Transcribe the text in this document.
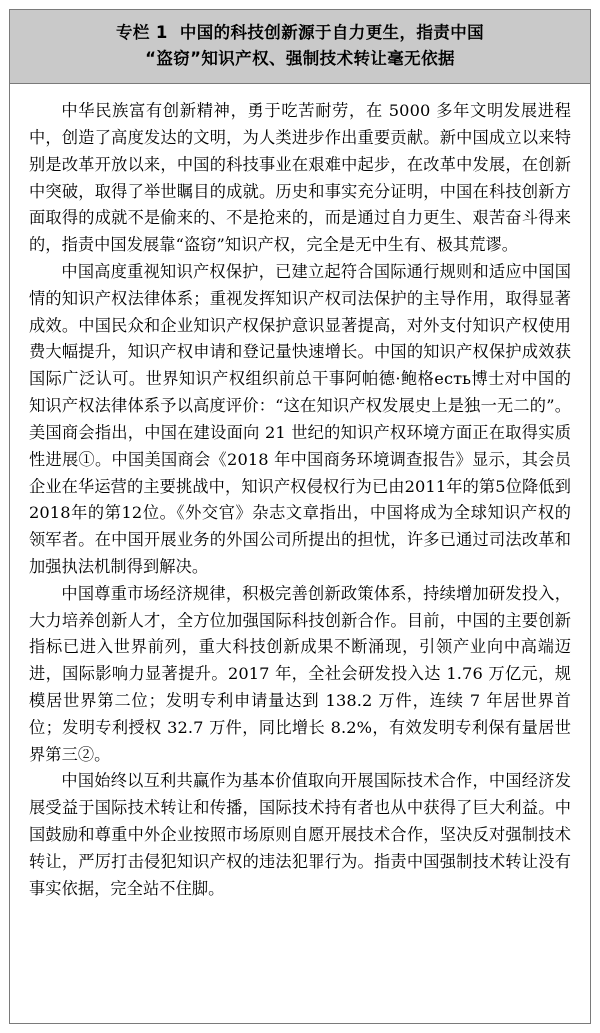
专栏 1 中国的科技创新源于自力更生，指责中国
“盗窃”知识产权、强制技术转让毫无依据

中华民族富有创新精神，勇于吃苦耐劳，在 5000 多年文明发展进程中，创造了高度发达的文明，为人类进步作出重要贡献。新中国成立以来特别是改革开放以来，中国的科技事业在艰难中起步，在改革中发展，在创新中突破，取得了举世瞩目的成就。历史和事实充分证明，中国在科技创新方面取得的成就不是偷来的、不是抢来的，而是通过自力更生、艰苦奋斗得来的，指责中国发展靠“盗窃”知识产权，完全是无中生有、极其荒谬。

中国高度重视知识产权保护，已建立起符合国际通行规则和适应中国国情的知识产权法律体系；重视发挥知识产权司法保护的主导作用，取得显著成效。中国民众和企业知识产权保护意识显著提高，对外支付知识产权使用费大幅提升，知识产权申请和登记量快速增长。中国的知识产权保护成效获国际广泛认可。世界知识产权组织前总干事阿帕德·鲍格есть博士对中国的知识产权法律体系予以高度评价：“这在知识产权发展史上是独一无二的”。美国商会指出，中国在建设面向 21 世纪的知识产权环境方面正在取得实质性进展①。中国美国商会《2018 年中国商务环境调查报告》显示，其会员企业在华运营的主要挑战中，知识产权侵权行为已由2011年的第5位降低到2018年的第12位。《外交官》杂志文章指出，中国将成为全球知识产权的领军者。在中国开展业务的外国公司所提出的担忧，许多已通过司法改革和加强执法机制得到解决。

中国尊重市场经济规律，积极完善创新政策体系，持续增加研发投入，大力培养创新人才，全方位加强国际科技创新合作。目前，中国的主要创新指标已进入世界前列，重大科技创新成果不断涌现，引领产业向中高端迈进，国际影响力显著提升。2017 年，全社会研发投入达 1.76 万亿元，规模居世界第二位；发明专利申请量达到 138.2 万件，连续 7 年居世界首位；发明专利授权 32.7 万件，同比增长 8.2%，有效发明专利保有量居世界第三②。

中国始终以互利共赢作为基本价值取向开展国际技术合作，中国经济发展受益于国际技术转让和传播，国际技术持有者也从中获得了巨大利益。中国鼓励和尊重中外企业按照市场原则自愿开展技术合作，坚决反对强制技术转让，严厉打击侵犯知识产权的违法犯罪行为。指责中国强制技术转让没有事实依据，完全站不住脚。
